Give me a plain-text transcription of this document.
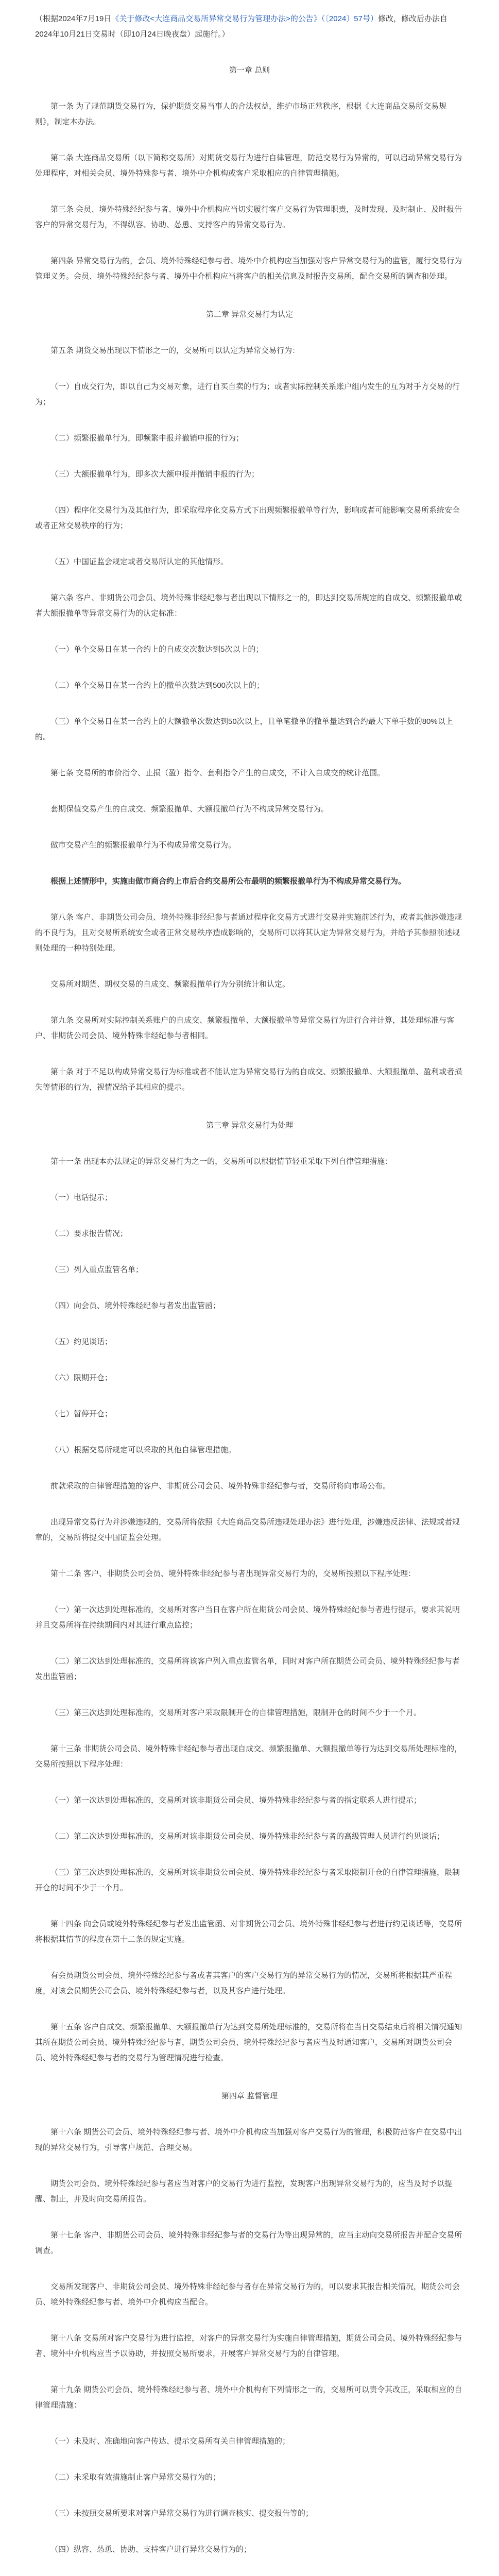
（根据2024年7月19日《关于修改<大连商品交易所异常交易行为管理办法>的公告》（〔2024〕57号）修改，修改后办法自2024年10月21日交易时（即10月24日晚夜盘）起施行。）

第一章 总则

第一条 为了规范期货交易行为，保护期货交易当事人的合法权益，维护市场正常秩序，根据《大连商品交易所交易规则》，制定本办法。

第二条 大连商品交易所（以下简称交易所）对期货交易行为进行自律管理，防范交易行为异常的，可以启动异常交易行为处理程序，对相关会员、境外特殊参与者、境外中介机构或客户采取相应的自律管理措施。

第三条 会员、境外特殊经纪参与者、境外中介机构应当切实履行客户交易行为管理职责，及时发现、及时制止、及时报告客户的异常交易行为，不得纵容、协助、怂恿、支持客户的异常交易行为。

第四条 异常交易行为的，会员、境外特殊经纪参与者、境外中介机构应当加强对客户异常交易行为的监管，履行交易行为管理义务。会员、境外特殊经纪参与者、境外中介机构应当将客户的相关信息及时报告交易所，配合交易所的调查和处理。

第二章 异常交易行为认定

第五条 期货交易出现以下情形之一的，交易所可以认定为异常交易行为：

（一）自成交行为，即以自己为交易对象，进行自买自卖的行为；或者实际控制关系账户组内发生的互为对手方交易的行为；

（二）频繁报撤单行为，即频繁申报并撤销申报的行为；

（三）大额报撤单行为，即多次大额申报并撤销申报的行为；

（四）程序化交易行为及其他行为，即采取程序化交易方式下出现频繁报撤单等行为，影响或者可能影响交易所系统安全或者正常交易秩序的行为；

（五）中国证监会规定或者交易所认定的其他情形。

第六条 客户、非期货公司会员、境外特殊非经纪参与者出现以下情形之一的，即达到交易所规定的自成交、频繁报撤单或者大额报撤单等异常交易行为的认定标准：

（一）单个交易日在某一合约上的自成交次数达到5次以上的；

（二）单个交易日在某一合约上的撤单次数达到500次以上的；

（三）单个交易日在某一合约上的大额撤单次数达到50次以上，且单笔撤单的撤单量达到合约最大下单手数的80%以上的。

第七条 交易所的市价指令、止损（盈）指令、套利指令产生的自成交，不计入自成交的统计范围。

套期保值交易产生的自成交、频繁报撤单、大额报撤单行为不构成异常交易行为。

做市交易产生的频繁报撤单行为不构成异常交易行为。

根据上述情形中，实施由做市商合约上市后合约交易所公布最明的频繁报撤单行为不构成异常交易行为。

第八条 客户、非期货公司会员、境外特殊非经纪参与者通过程序化交易方式进行交易并实施前述行为，或者其他涉嫌违规的不良行为，且对交易所系统安全或者正常交易秩序造成影响的，交易所可以将其认定为异常交易行为，并给予其参照前述规则处理的一种特别处理。

交易所对期货、期权交易的自成交、频繁报撤单行为分别统计和认定。

第九条 交易所对实际控制关系账户的自成交、频繁报撤单、大额报撤单等异常交易行为进行合并计算，其处理标准与客户、非期货公司会员、境外特殊非经纪参与者相同。

第十条 对于不足以构成异常交易行为标准或者不能认定为异常交易行为的自成交、频繁报撤单、大额报撤单、盈利或者损失等情形的行为，视情况给予其相应的提示。

第三章 异常交易行为处理

第十一条 出现本办法规定的异常交易行为之一的，交易所可以根据情节轻重采取下列自律管理措施：

（一）电话提示；

（二）要求报告情况；

（三）列入重点监管名单；

（四）向会员、境外特殊经纪参与者发出监管函；

（五）约见谈话；

（六）限期开仓；

（七）暂停开仓；

（八）根据交易所规定可以采取的其他自律管理措施。

前款采取的自律管理措施的客户、非期货公司会员、境外特殊非经纪参与者，交易所将向市场公布。

出现异常交易行为并涉嫌违规的，交易所将依照《大连商品交易所违规处理办法》进行处理，涉嫌违反法律、法规或者规章的，交易所将提交中国证监会处理。

第十二条 客户、非期货公司会员、境外特殊非经纪参与者出现异常交易行为的，交易所按照以下程序处理：

（一）第一次达到处理标准的，交易所对客户当日在客户所在期货公司会员、境外特殊经纪参与者进行提示，要求其说明并且交易所将在持续期间内对其进行重点监控；

（二）第二次达到处理标准的，交易所将该客户列入重点监管名单，同时对客户所在期货公司会员、境外特殊经纪参与者发出监管函；

（三）第三次达到处理标准的，交易所对客户采取限制开仓的自律管理措施，限制开仓的时间不少于一个月。

第十三条 非期货公司会员、境外特殊非经纪参与者出现自成交、频繁报撤单、大额报撤单等行为达到交易所处理标准的，交易所按照以下程序处理：

（一）第一次达到处理标准的，交易所对该非期货公司会员、境外特殊非经纪参与者的指定联系人进行提示；

（二）第二次达到处理标准的，交易所对该非期货公司会员、境外特殊非经纪参与者的高级管理人员进行约见谈话；

（三）第三次达到处理标准的，交易所对该非期货公司会员、境外特殊非经纪参与者采取限制开仓的自律管理措施，限制开仓的时间不少于一个月。

第十四条 向会员或境外特殊经纪参与者发出监管函、对非期货公司会员、境外特殊非经纪参与者进行约见谈话等，交易所将根据其情节的程度在第十二条的规定实施。

有会员期货公司会员、境外特殊经纪参与者或者其客户的客户交易行为的异常交易行为的情况，交易所将根据其严重程度，对该会员期货公司会员、境外特殊经纪参与者，以及其客户进行处理。

第十五条 客户自成交、频繁报撤单、大额报撤单行为达到交易所处理标准的，交易所将在当日交易结束后将相关情况通知其所在期货公司会员、境外特殊经纪参与者，期货公司会员、境外特殊经纪参与者应当及时通知客户，交易所对期货公司会员、境外特殊经纪参与者的交易行为管理情况进行检查。

第四章 监督管理

第十六条 期货公司会员、境外特殊经纪参与者、境外中介机构应当加强对客户交易行为的管理，积极防范客户在交易中出现的异常交易行为，引导客户规范、合理交易。

期货公司会员、境外特殊经纪参与者应当对客户的交易行为进行监控，发现客户出现异常交易行为的，应当及时予以提醒、制止，并及时向交易所报告。

第十七条 客户、非期货公司会员、境外特殊非经纪参与者的交易行为等出现异常的，应当主动向交易所报告并配合交易所调查。

交易所发现客户、非期货公司会员、境外特殊非经纪参与者存在异常交易行为的，可以要求其报告相关情况，期货公司会员、境外特殊经纪参与者、境外中介机构应当配合。

第十八条 交易所对客户交易行为进行监控，对客户的异常交易行为实施自律管理措施，期货公司会员、境外特殊经纪参与者、境外中介机构应当予以协助，并按照交易所要求，开展客户异常交易行为的自律管理。

第十九条 期货公司会员、境外特殊经纪参与者、境外中介机构有下列情形之一的，交易所可以责令其改正，采取相应的自律管理措施：

（一）未及时、准确地向客户传达、提示交易所有关自律管理措施的；

（二）未采取有效措施制止客户异常交易行为的；

（三）未按照交易所要求对客户异常交易行为进行调查核实、提交报告等的；

（四）纵容、怂恿、协助、支持客户进行异常交易行为的；
